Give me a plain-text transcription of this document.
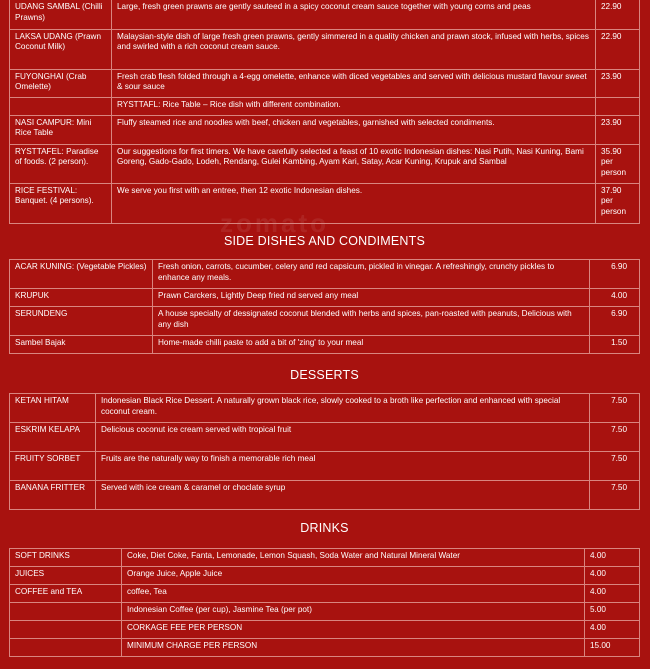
zomato
UDANG SAMBAL (Chilli Prawns)	Large, fresh green prawns are gently sauteed in a spicy coconut cream sauce together with young corns and peas	22.90
LAKSA UDANG (Prawn Coconut Milk)	Malaysian-style dish of large fresh green prawns, gently simmered in a quality chicken and prawn stock, infused with herbs, spices and swirled with a rich coconut cream sauce.	22.90
FUYONGHAI (Crab Omelette)	Fresh crab flesh folded through a 4-egg omelette, enhance with diced vegetables and served with delicious mustard flavour sweet & sour sauce	23.90
	RYSTTAFL: Rice Table – Rice dish with different combination.	
NASI CAMPUR: Mini Rice Table	Fluffy steamed rice and noodles with beef, chicken and vegetables, garnished with selected condiments.	23.90
RYSTTAFEL: Paradise of foods. (2 person).	Our suggestions for first timers. We have carefully selected a feast of 10 exotic Indonesian dishes: Nasi Putih, Nasi Kuning, Bami Goreng, Gado-Gado, Lodeh, Rendang, Gulei Kambing, Ayam Kari, Satay, Acar Kuning, Krupuk and Sambal	35.90 per person
RICE FESTIVAL: Banquet. (4 persons).	We serve you first with an entree, then 12 exotic Indonesian dishes.	37.90 per person
SIDE DISHES AND CONDIMENTS
ACAR KUNING: (Vegetable Pickles)	Fresh onion, carrots, cucumber, celery and red capsicum, pickled in vinegar. A refreshingly, crunchy pickles to enhance any meals.	6.90
KRUPUK	Prawn Carckers, Lightly Deep fried nd served any meal	4.00
SERUNDENG	A house specialty of dessignated coconut blended with herbs and spices, pan-roasted with peanuts, Delicious with any dish	6.90
Sambel Bajak	Home-made chilli paste to add a bit of 'zing' to your meal	1.50
DESSERTS
KETAN HITAM	Indonesian Black Rice Dessert. A naturally grown black rice, slowly cooked to a broth like perfection and enhanced with special coconut cream.	7.50
ESKRIM KELAPA	Delicious coconut ice cream served with tropical fruit	7.50
FRUITY SORBET	Fruits are the naturally way to finish a memorable rich meal	7.50
BANANA FRITTER	Served with ice cream & caramel or choclate syrup	7.50
DRINKS
SOFT DRINKS	Coke, Diet Coke, Fanta, Lemonade, Lemon Squash, Soda Water and Natural Mineral Water	4.00
JUICES	Orange Juice, Apple Juice	4.00
COFFEE and TEA	coffee, Tea	4.00
	Indonesian Coffee (per cup), Jasmine Tea (per pot)	5.00
	CORKAGE FEE PER PERSON	4.00
	MINIMUM CHARGE PER PERSON	15.00
